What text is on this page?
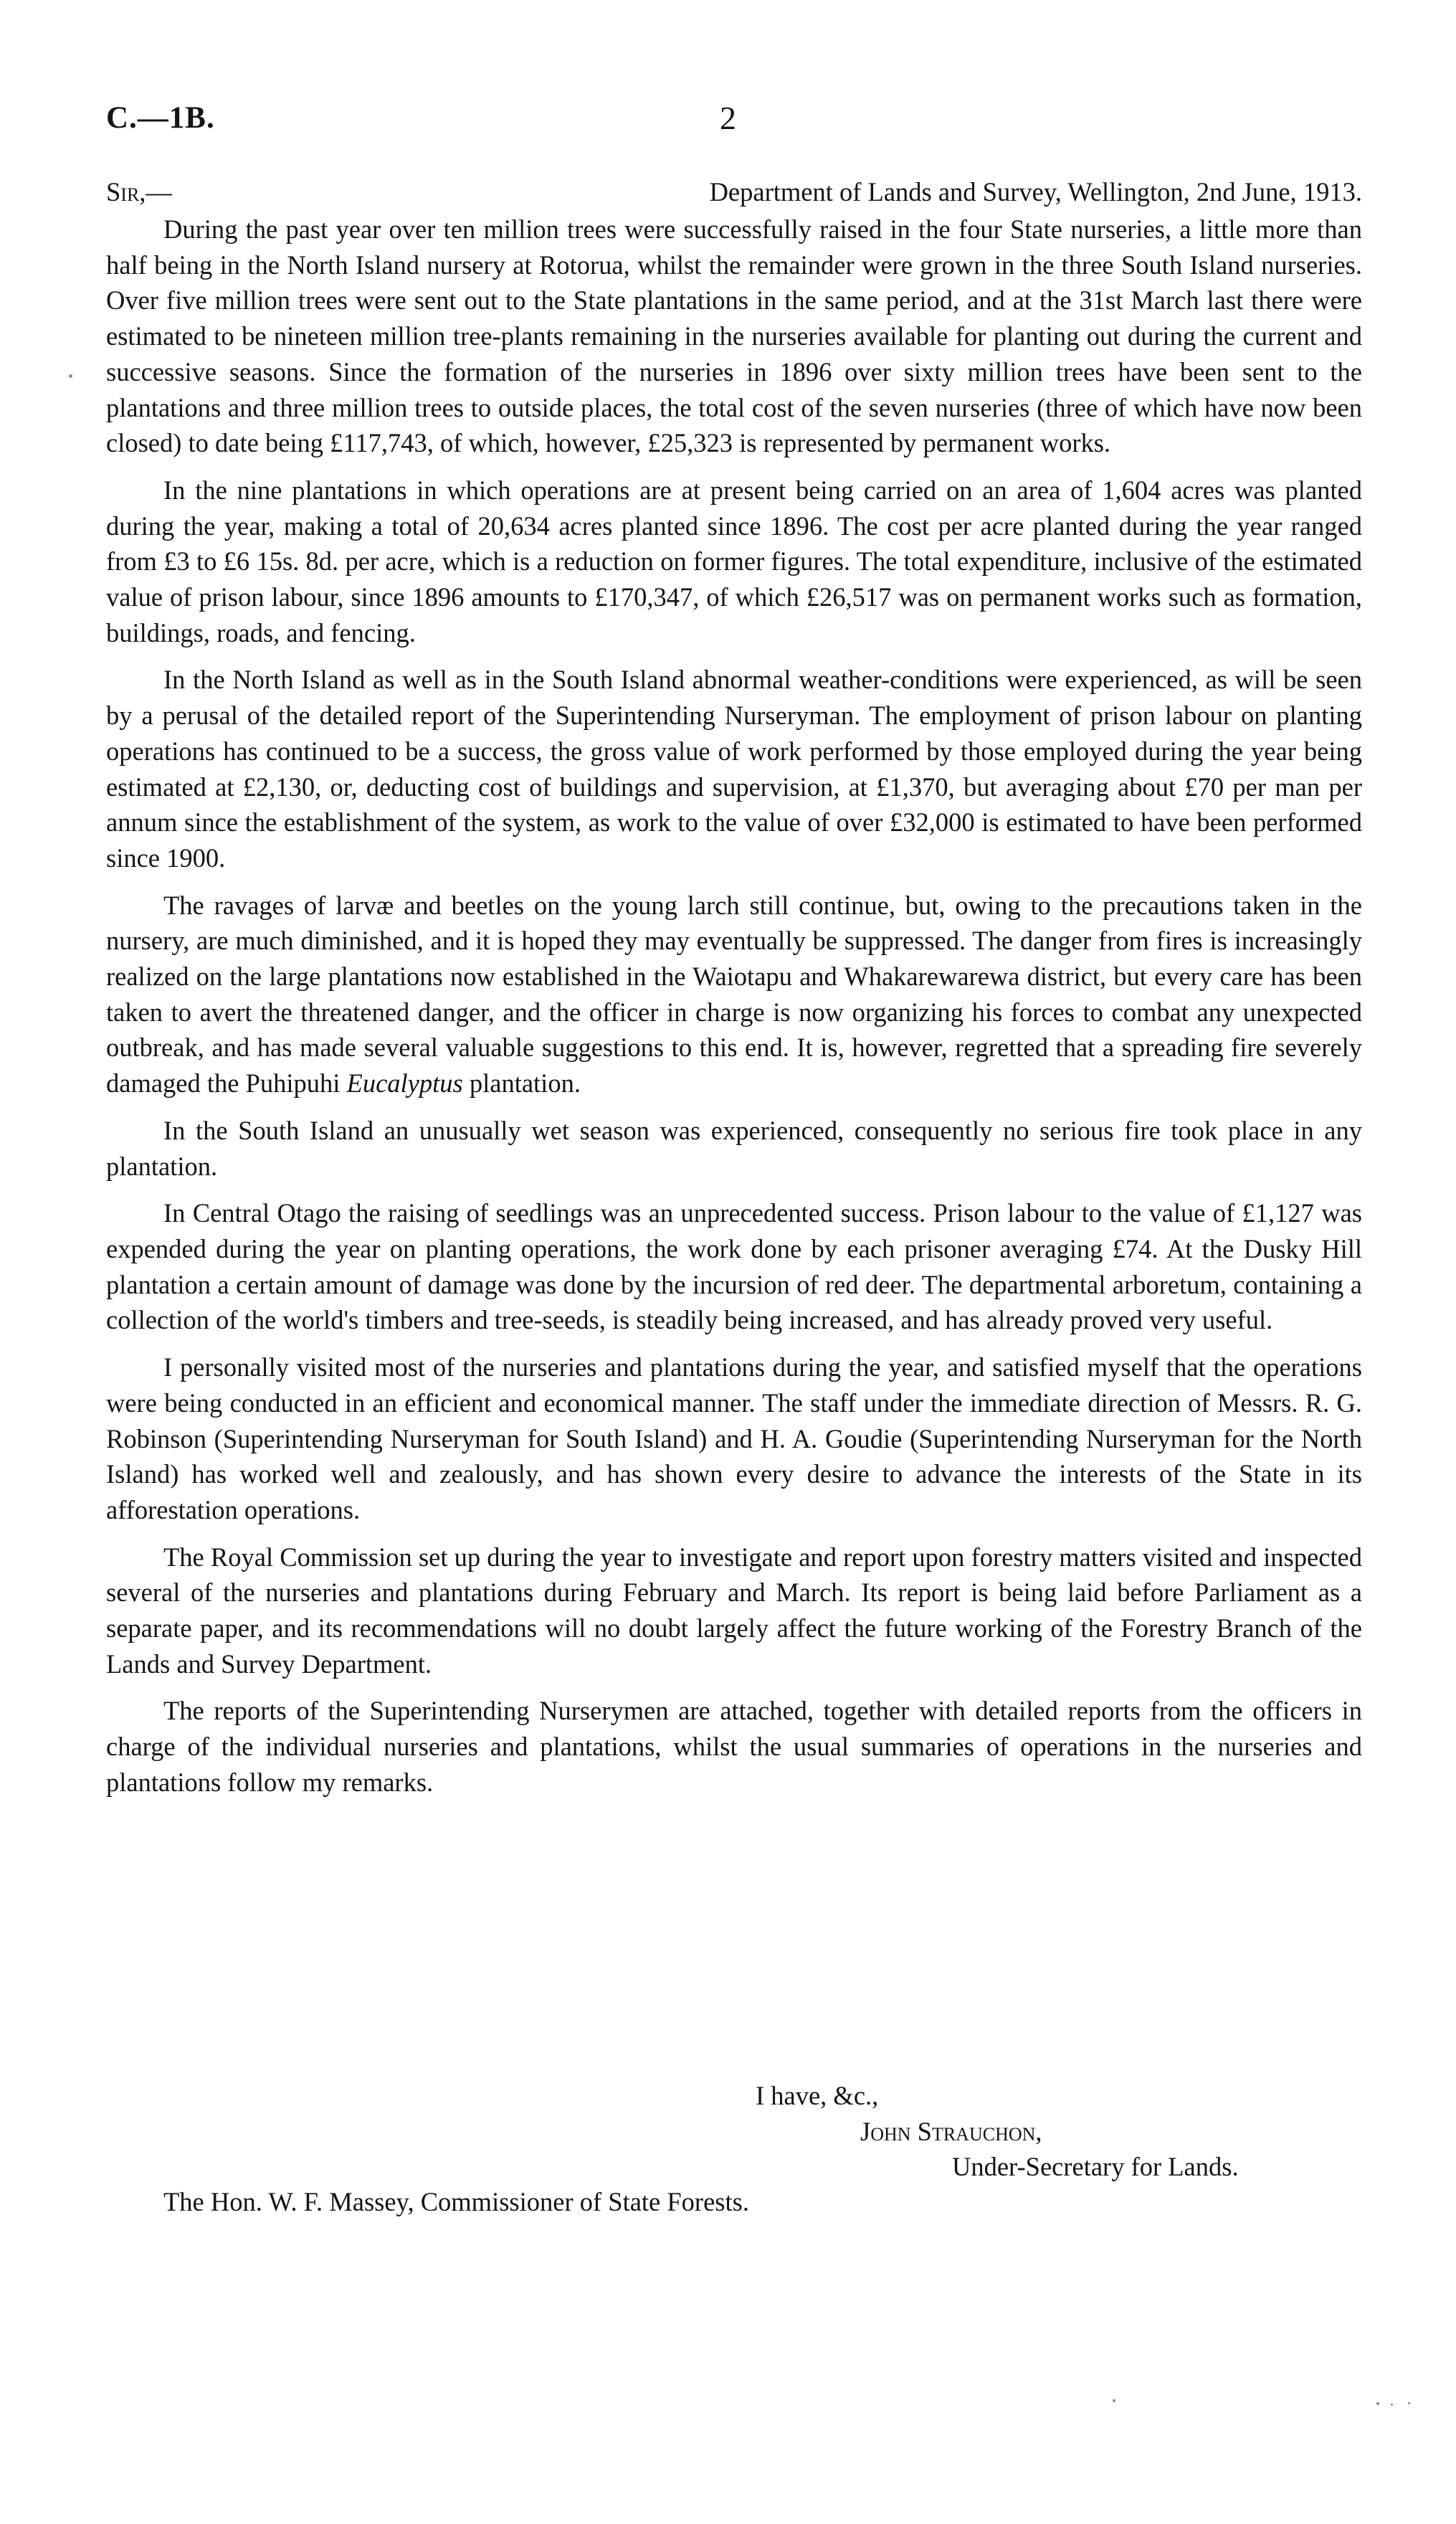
C.—1B.	2
Sir,—	Department of Lands and Survey, Wellington, 2nd June, 1913.

During the past year over ten million trees were successfully raised in the four State nurseries, a little more than half being in the North Island nursery at Rotorua, whilst the remainder were grown in the three South Island nurseries. Over five million trees were sent out to the State plantations in the same period, and at the 31st March last there were estimated to be nineteen million tree-plants remaining in the nurseries available for planting out during the current and successive seasons. Since the formation of the nurseries in 1896 over sixty million trees have been sent to the plantations and three million trees to outside places, the total cost of the seven nurseries (three of which have now been closed) to date being £117,743, of which, however, £25,323 is represented by permanent works.

In the nine plantations in which operations are at present being carried on an area of 1,604 acres was planted during the year, making a total of 20,634 acres planted since 1896. The cost per acre planted during the year ranged from £3 to £6 15s. 8d. per acre, which is a reduction on former figures. The total expenditure, inclusive of the estimated value of prison labour, since 1896 amounts to £170,347, of which £26,517 was on permanent works such as formation, buildings, roads, and fencing.

In the North Island as well as in the South Island abnormal weather-conditions were experienced, as will be seen by a perusal of the detailed report of the Superintending Nurseryman. The employment of prison labour on planting operations has continued to be a success, the gross value of work performed by those employed during the year being estimated at £2,130, or, deducting cost of buildings and supervision, at £1,370, but averaging about £70 per man per annum since the establishment of the system, as work to the value of over £32,000 is estimated to have been performed since 1900.

The ravages of larvæ and beetles on the young larch still continue, but, owing to the precautions taken in the nursery, are much diminished, and it is hoped they may eventually be suppressed. The danger from fires is increasingly realized on the large plantations now established in the Waiotapu and Whakarewarewa district, but every care has been taken to avert the threatened danger, and the officer in charge is now organizing his forces to combat any unexpected outbreak, and has made several valuable suggestions to this end. It is, however, regretted that a spreading fire severely damaged the Puhipuhi Eucalyptus plantation.

In the South Island an unusually wet season was experienced, consequently no serious fire took place in any plantation.

In Central Otago the raising of seedlings was an unprecedented success. Prison labour to the value of £1,127 was expended during the year on planting operations, the work done by each prisoner averaging £74. At the Dusky Hill plantation a certain amount of damage was done by the incursion of red deer. The departmental arboretum, containing a collection of the world's timbers and tree-seeds, is steadily being increased, and has already proved very useful.

I personally visited most of the nurseries and plantations during the year, and satisfied myself that the operations were being conducted in an efficient and economical manner. The staff under the immediate direction of Messrs. R. G. Robinson (Superintending Nurseryman for South Island) and H. A. Goudie (Superintending Nurseryman for the North Island) has worked well and zealously, and has shown every desire to advance the interests of the State in its afforestation operations.

The Royal Commission set up during the year to investigate and report upon forestry matters visited and inspected several of the nurseries and plantations during February and March. Its report is being laid before Parliament as a separate paper, and its recommendations will no doubt largely affect the future working of the Forestry Branch of the Lands and Survey Department.

The reports of the Superintending Nurserymen are attached, together with detailed reports from the officers in charge of the individual nurseries and plantations, whilst the usual summaries of operations in the nurseries and plantations follow my remarks.

I have, &c.,
John Strauchon,
Under-Secretary for Lands.
The Hon. W. F. Massey, Commissioner of State Forests.
